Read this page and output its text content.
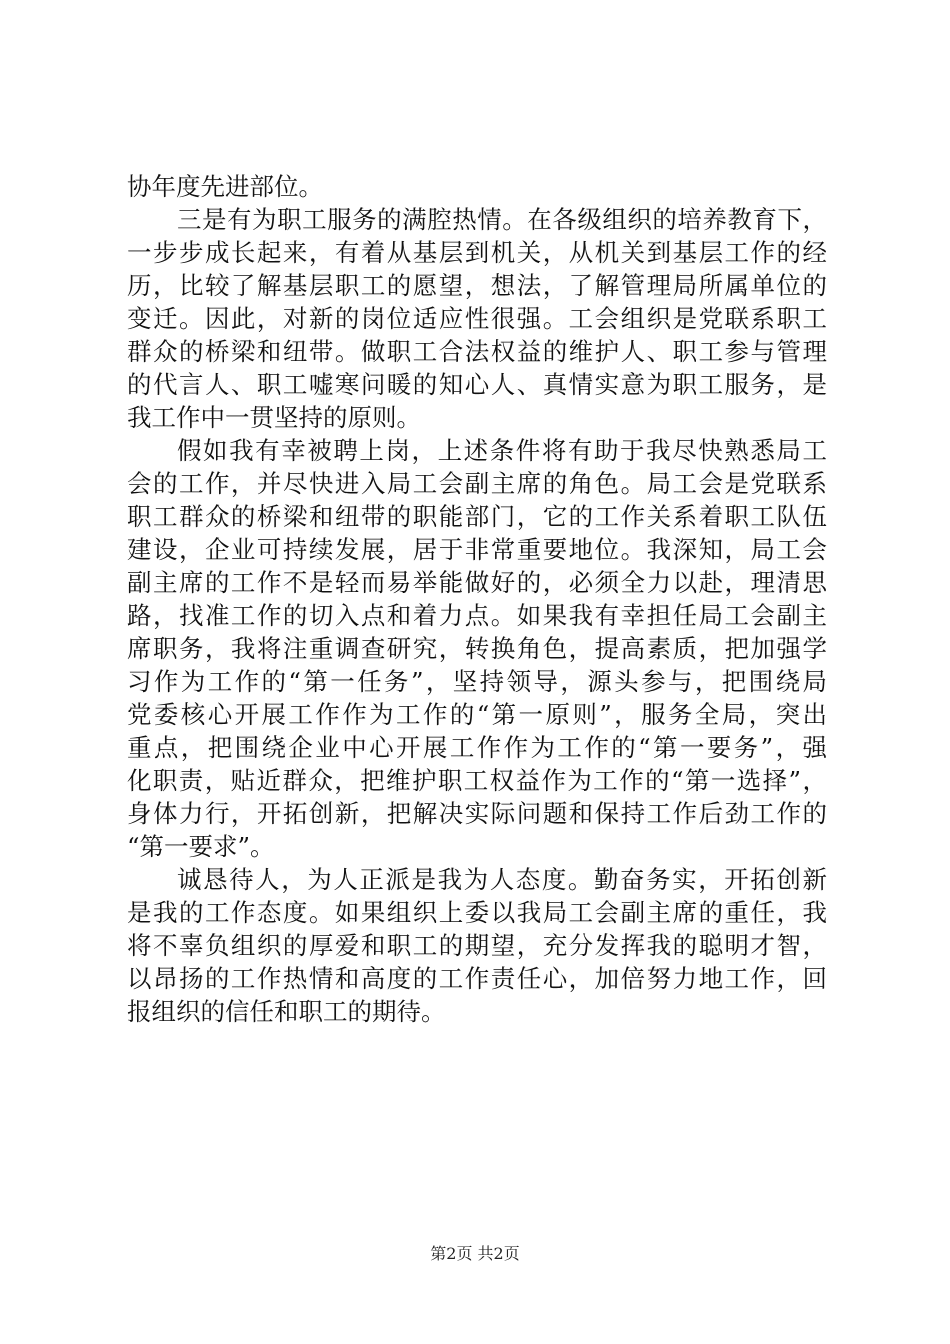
协年度先进部位。
三是有为职工服务的满腔热情。在各级组织的培养教育下，
一步步成长起来，有着从基层到机关，从机关到基层工作的经
历，比较了解基层职工的愿望，想法，了解管理局所属单位的
变迁。因此，对新的岗位适应性很强。工会组织是党联系职工
群众的桥梁和纽带。做职工合法权益的维护人、职工参与管理
的代言人、职工嘘寒问暖的知心人、真情实意为职工服务，是
我工作中一贯坚持的原则。
假如我有幸被聘上岗，上述条件将有助于我尽快熟悉局工
会的工作，并尽快进入局工会副主席的角色。局工会是党联系
职工群众的桥梁和纽带的职能部门，它的工作关系着职工队伍
建设，企业可持续发展，居于非常重要地位。我深知，局工会
副主席的工作不是轻而易举能做好的，必须全力以赴，理清思
路，找准工作的切入点和着力点。如果我有幸担任局工会副主
席职务，我将注重调查研究，转换角色，提高素质，把加强学
习作为工作的“第一任务”，坚持领导，源头参与，把围绕局
党委核心开展工作作为工作的“第一原则”，服务全局，突出
重点，把围绕企业中心开展工作作为工作的“第一要务”，强
化职责，贴近群众，把维护职工权益作为工作的“第一选择”，
身体力行，开拓创新，把解决实际问题和保持工作后劲工作的
“第一要求”。
诚恳待人，为人正派是我为人态度。勤奋务实，开拓创新
是我的工作态度。如果组织上委以我局工会副主席的重任，我
将不辜负组织的厚爱和职工的期望，充分发挥我的聪明才智，
以昂扬的工作热情和高度的工作责任心，加倍努力地工作，回
报组织的信任和职工的期待。
第2页 共2页
